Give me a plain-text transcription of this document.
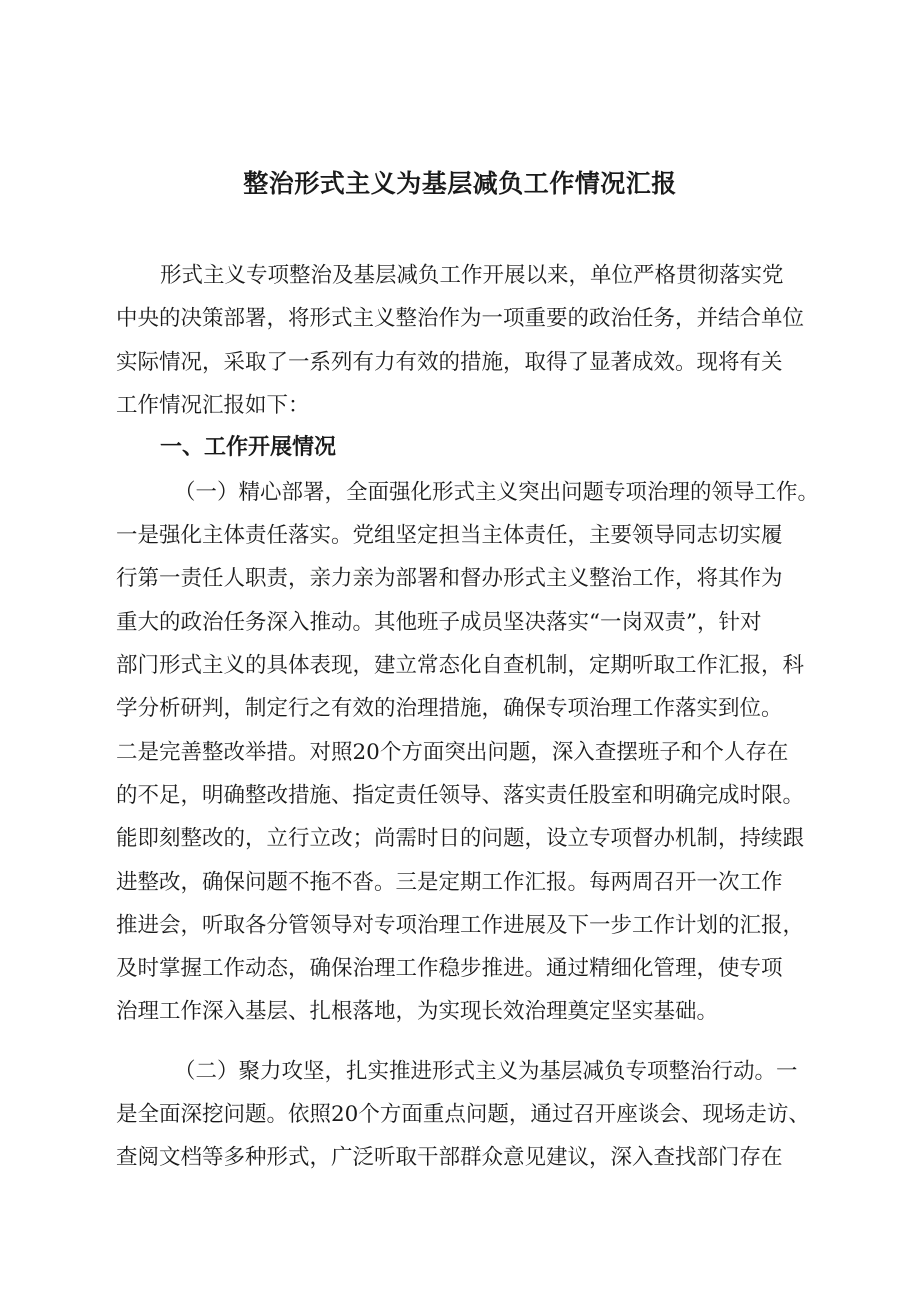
整治形式主义为基层减负工作情况汇报
形式主义专项整治及基层减负工作开展以来，单位严格贯彻落实党
中央的决策部署，将形式主义整治作为一项重要的政治任务，并结合单位
实际情况，采取了一系列有力有效的措施，取得了显著成效。现将有关
工作情况汇报如下：
一、工作开展情况
（一）精心部署，全面强化形式主义突出问题专项治理的领导工作。
一是强化主体责任落实。党组坚定担当主体责任，主要领导同志切实履
行第一责任人职责，亲力亲为部署和督办形式主义整治工作，将其作为
重大的政治任务深入推动。其他班子成员坚决落实“一岗双责”，针对
部门形式主义的具体表现，建立常态化自查机制，定期听取工作汇报，科
学分析研判，制定行之有效的治理措施，确保专项治理工作落实到位。
二是完善整改举措。对照20个方面突出问题，深入查摆班子和个人存在
的不足，明确整改措施、指定责任领导、落实责任股室和明确完成时限。
能即刻整改的，立行立改；尚需时日的问题，设立专项督办机制，持续跟
进整改，确保问题不拖不沓。三是定期工作汇报。每两周召开一次工作
推进会，听取各分管领导对专项治理工作进展及下一步工作计划的汇报，
及时掌握工作动态，确保治理工作稳步推进。通过精细化管理，使专项
治理工作深入基层、扎根落地，为实现长效治理奠定坚实基础。
（二）聚力攻坚，扎实推进形式主义为基层减负专项整治行动。一
是全面深挖问题。依照20个方面重点问题，通过召开座谈会、现场走访、
查阅文档等多种形式，广泛听取干部群众意见建议，深入查找部门存在
